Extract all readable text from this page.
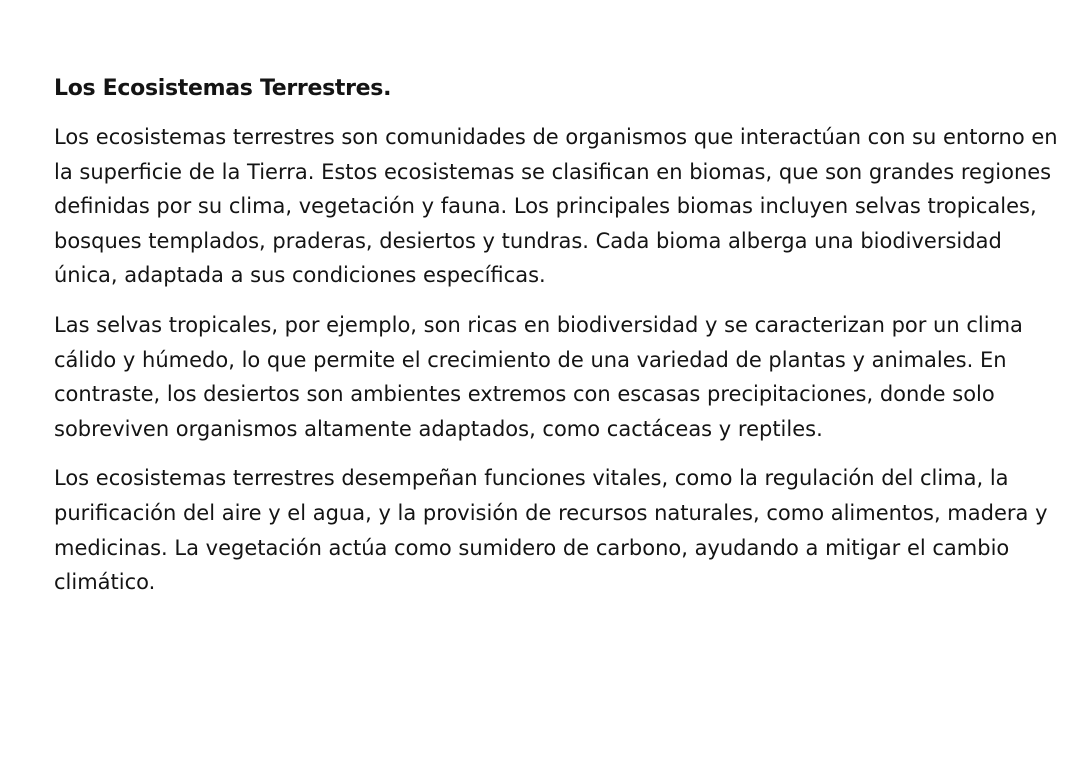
Los Ecosistemas Terrestres.

Los ecosistemas terrestres son comunidades de organismos que interactúan con su entorno en la superficie de la Tierra. Estos ecosistemas se clasifican en biomas, que son grandes regiones definidas por su clima, vegetación y fauna. Los principales biomas incluyen selvas tropicales, bosques templados, praderas, desiertos y tundras. Cada bioma alberga una biodiversidad única, adaptada a sus condiciones específicas.

Las selvas tropicales, por ejemplo, son ricas en biodiversidad y se caracterizan por un clima cálido y húmedo, lo que permite el crecimiento de una variedad de plantas y animales. En contraste, los desiertos son ambientes extremos con escasas precipitaciones, donde solo sobreviven organismos altamente adaptados, como cactáceas y reptiles.

Los ecosistemas terrestres desempeñan funciones vitales, como la regulación del clima, la purificación del aire y el agua, y la provisión de recursos naturales, como alimentos, madera y medicinas. La vegetación actúa como sumidero de carbono, ayudando a mitigar el cambio climático.
